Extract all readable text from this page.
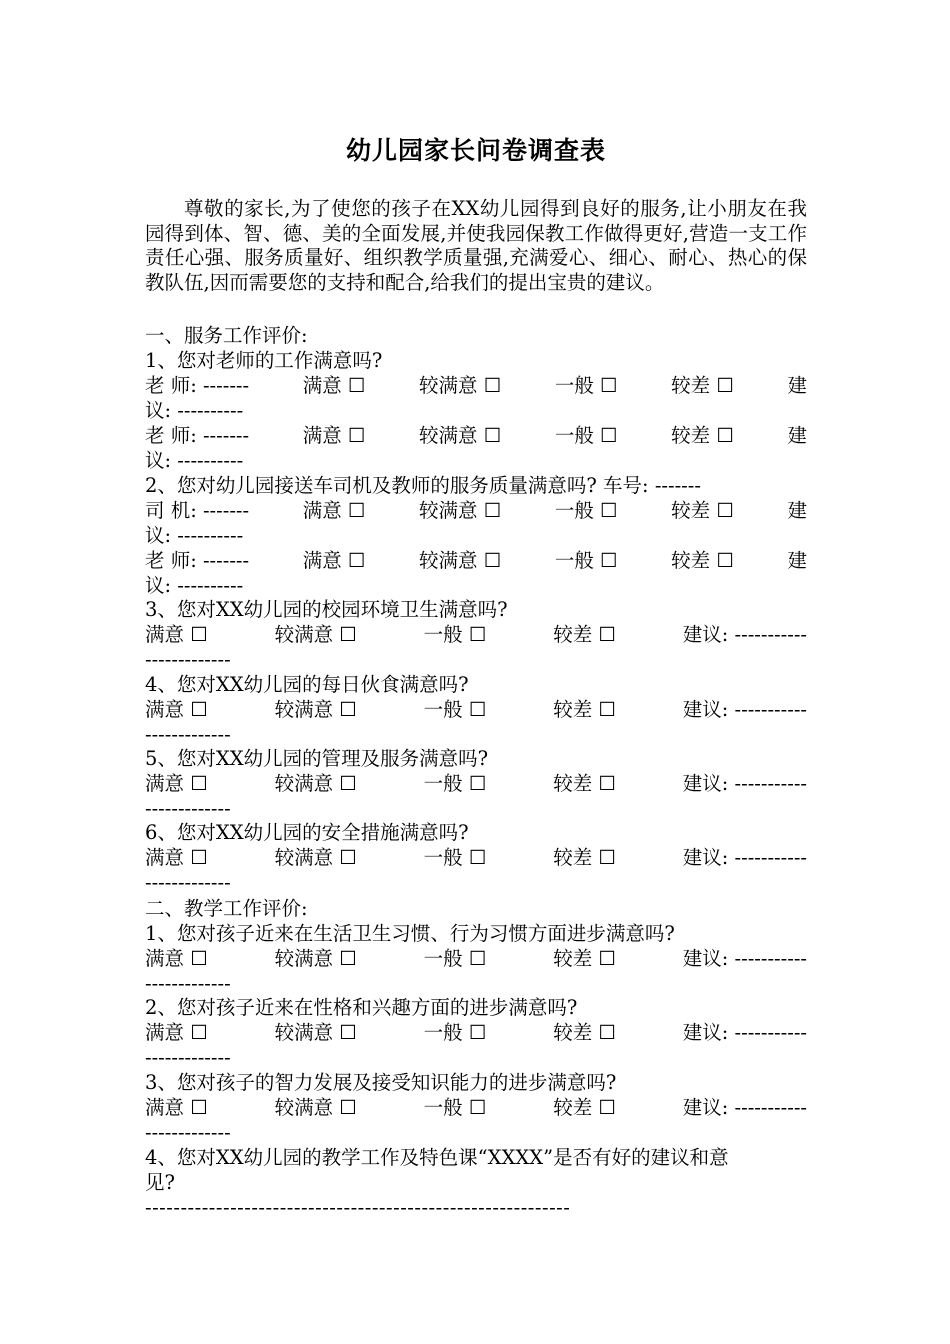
幼儿园家长问卷调查表

尊敬的家长,为了使您的孩子在XX幼儿园得到良好的服务,让小朋友在我园得到体、智、德、美的全面发展,并使我园保教工作做得更好,营造一支工作责任心强、服务质量好、组织教学质量强,充满爱心、细心、耐心、热心的保教队伍,因而需要您的支持和配合,给我们的提出宝贵的建议。

一、服务工作评价:
1、您对老师的工作满意吗?
老 师: -------	满意 ☐	较满意 ☐	一般 ☐	较差 ☐	建
议: ----------
老 师: -------	满意 ☐	较满意 ☐	一般 ☐	较差 ☐	建
议: ----------
2、您对幼儿园接送车司机及教师的服务质量满意吗? 车号: -------
司 机: -------	满意 ☐	较满意 ☐	一般 ☐	较差 ☐	建
议: ----------
老 师: -------	满意 ☐	较满意 ☐	一般 ☐	较差 ☐	建
议: ----------
3、您对XX幼儿园的校园环境卫生满意吗?
满意 ☐	较满意 ☐	一般 ☐	较差 ☐	建议: -----------
-------------
4、您对XX幼儿园的每日伙食满意吗?
满意 ☐	较满意 ☐	一般 ☐	较差 ☐	建议: -----------
-------------
5、您对XX幼儿园的管理及服务满意吗?
满意 ☐	较满意 ☐	一般 ☐	较差 ☐	建议: -----------
-------------
6、您对XX幼儿园的安全措施满意吗?
满意 ☐	较满意 ☐	一般 ☐	较差 ☐	建议: -----------
-------------
二、教学工作评价:
1、您对孩子近来在生活卫生习惯、行为习惯方面进步满意吗?
满意 ☐	较满意 ☐	一般 ☐	较差 ☐	建议: -----------
-------------
2、您对孩子近来在性格和兴趣方面的进步满意吗?
满意 ☐	较满意 ☐	一般 ☐	较差 ☐	建议: -----------
-------------
3、您对孩子的智力发展及接受知识能力的进步满意吗?
满意 ☐	较满意 ☐	一般 ☐	较差 ☐	建议: -----------
-------------
4、您对XX幼儿园的教学工作及特色课“XXXX”是否有好的建议和意
见?
------------------------------------------------------------
